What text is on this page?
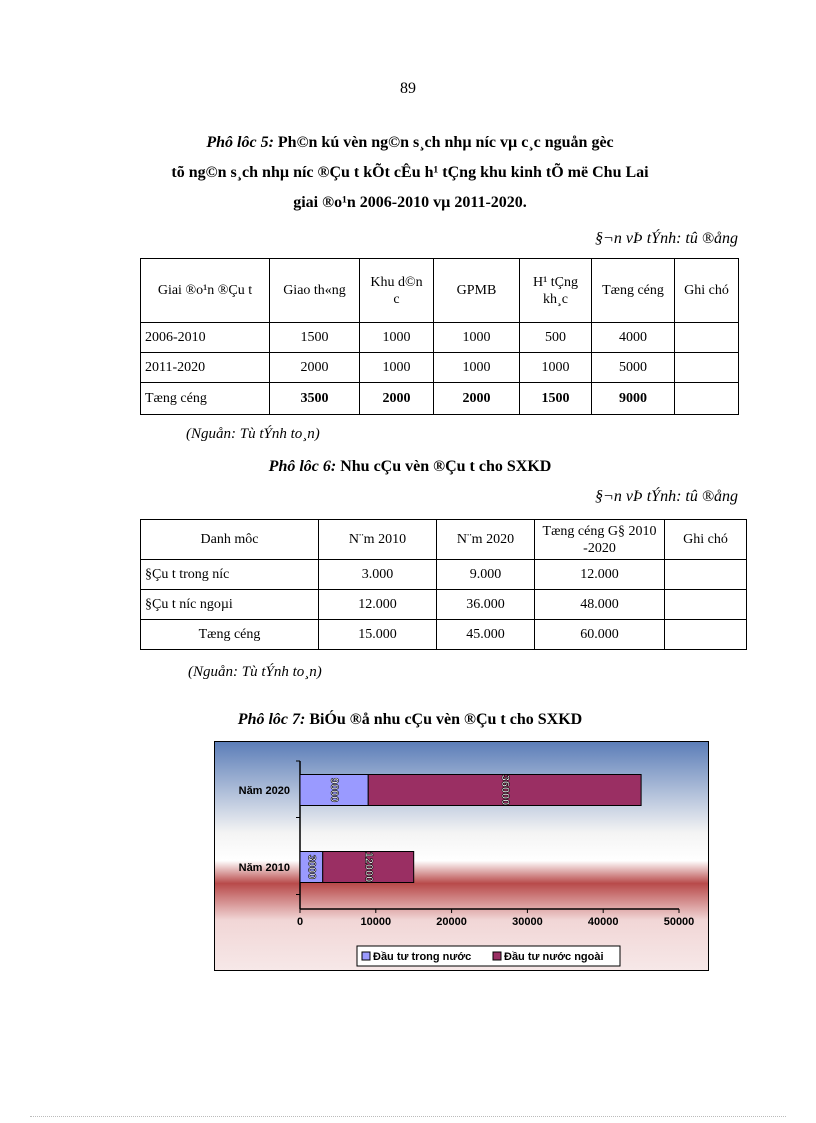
89
Phô lôc 5: Ph©n kú vèn ng©n s¸ch nhµ níc vµ c¸c nguån gèc
tõ ng©n s¸ch nhµ níc ®Çu t kÕt cÊu h¹ tÇng khu kinh tÕ më Chu Lai
giai ®o¹n 2006-2010 vµ 2011-2020.
§¬n vÞ tÝnh: tû ®ång
Giai ®o¹n ®Çu t	Giao th«ng	Khu d©n c	GPMB	H¹ tÇng kh¸c	Tæng céng	Ghi chó
2006-2010	1500	1000	1000	500	4000	
2011-2020	2000	1000	1000	1000	5000	
Tæng céng	3500	2000	2000	1500	9000	
(Nguån: Tù tÝnh to¸n)
Phô lôc 6: Nhu cÇu vèn ®Çu t cho SXKD
§¬n vÞ tÝnh: tû ®ång
Danh môc	N¨m 2010	N¨m 2020	Tæng céng G§ 2010 -2020	Ghi chó
§Çu t trong níc	3.000	9.000	12.000	
§Çu t níc ngoµi	12.000	36.000	48.000	
Tæng céng	15.000	45.000	60.000	
(Nguån: Tù tÝnh to¸n)
Phô lôc 7: BiÓu ®å nhu cÇu vèn ®Çu t cho SXKD
0	10000	20000	30000	40000	50000
Năm 2010 3000	12000
Năm 2020	9000	36000
Đầu tư trong nước	Đầu tư nước ngoài
